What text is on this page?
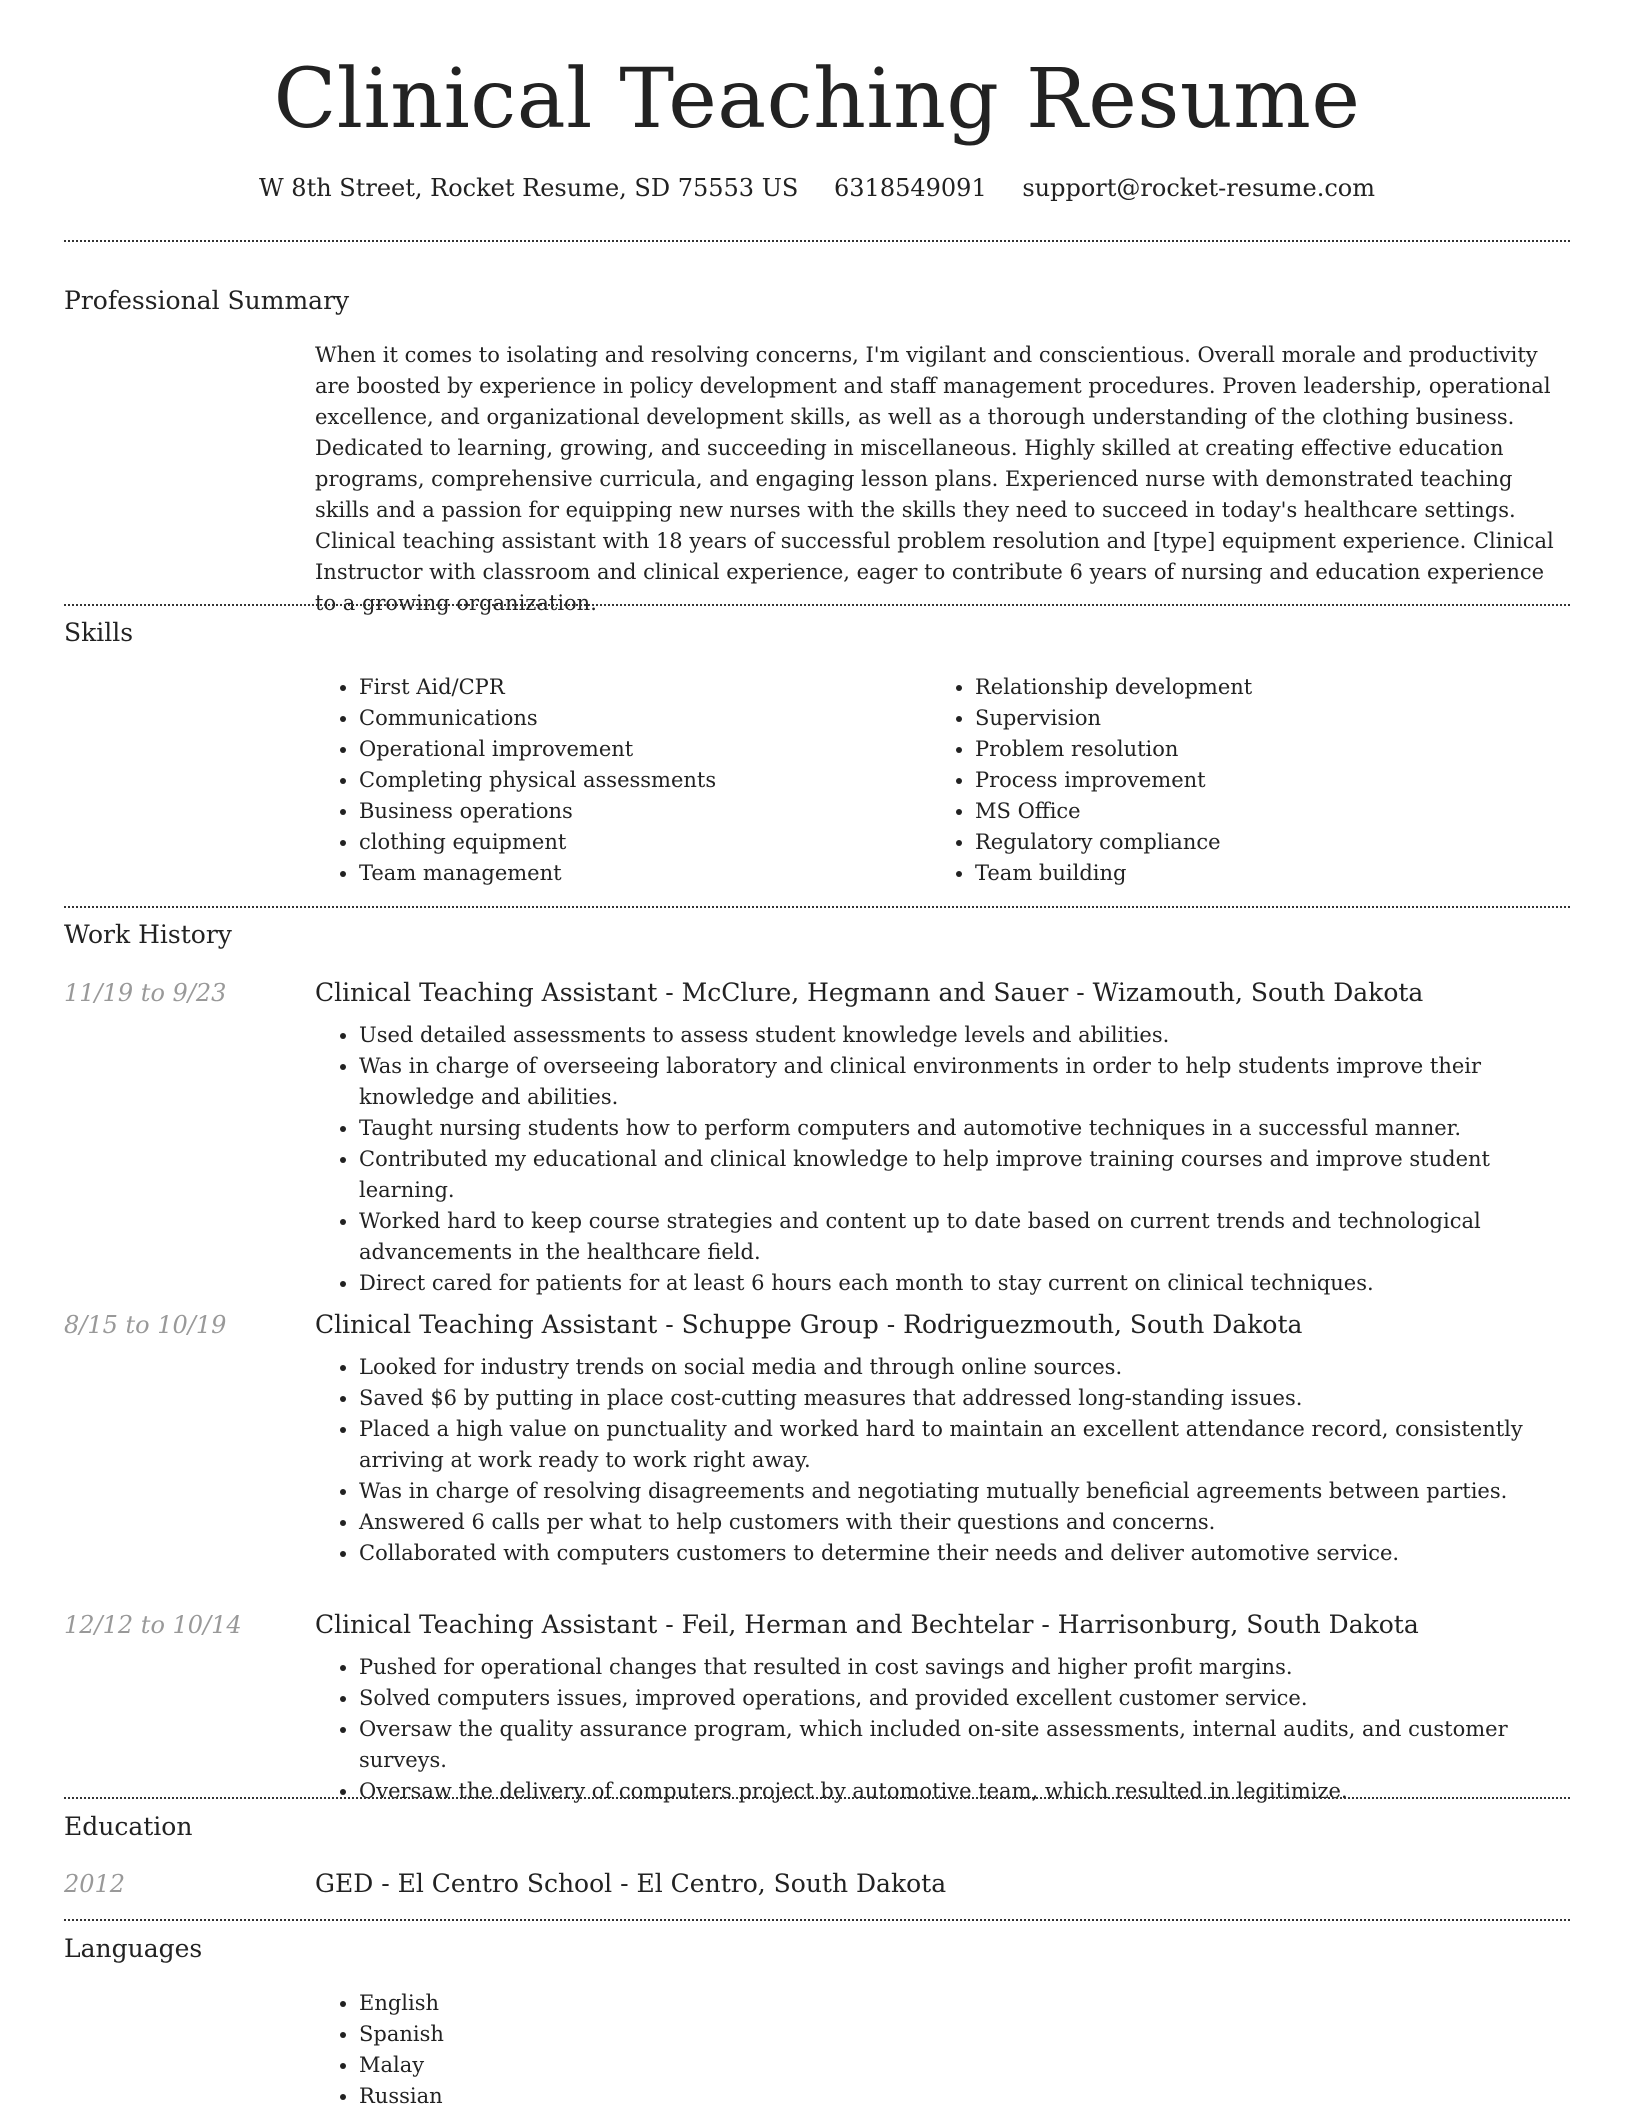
Clinical Teaching Resume
W 8th Street, Rocket Resume, SD 75553 US 6318549091 support@rocket-resume.com
Professional Summary

When it comes to isolating and resolving concerns, I'm vigilant and conscientious. Overall morale and productivity are boosted by experience in policy development and staff management procedures. Proven leadership, operational excellence, and organizational development skills, as well as a thorough understanding of the clothing business. Dedicated to learning, growing, and succeeding in miscellaneous. Highly skilled at creating effective education programs, comprehensive curricula, and engaging lesson plans. Experienced nurse with demonstrated teaching skills and a passion for equipping new nurses with the skills they need to succeed in today's healthcare settings. Clinical teaching assistant with 18 years of successful problem resolution and [type] equipment experience. Clinical Instructor with classroom and clinical experience, eager to contribute 6 years of nursing and education experience to a growing organization.

Skills
• First Aid/CPR
• Communications
• Operational improvement
• Completing physical assessments
• Business operations
• clothing equipment
• Team management
• Relationship development
• Supervision
• Problem resolution
• Process improvement
• MS Office
• Regulatory compliance
• Team building
Work History
11/19 to 9/23	Clinical Teaching Assistant - McClure, Hegmann and Sauer - Wizamouth, South Dakota
• Used detailed assessments to assess student knowledge levels and abilities.
• Was in charge of overseeing laboratory and clinical environments in order to help students improve their knowledge and abilities.
• Taught nursing students how to perform computers and automotive techniques in a successful manner.
• Contributed my educational and clinical knowledge to help improve training courses and improve student learning.
• Worked hard to keep course strategies and content up to date based on current trends and technological advancements in the healthcare field.
• Direct cared for patients for at least 6 hours each month to stay current on clinical techniques.
8/15 to 10/19	Clinical Teaching Assistant - Schuppe Group - Rodriguezmouth, South Dakota
• Looked for industry trends on social media and through online sources.
• Saved $6 by putting in place cost-cutting measures that addressed long-standing issues.
• Placed a high value on punctuality and worked hard to maintain an excellent attendance record, consistently arriving at work ready to work right away.
• Was in charge of resolving disagreements and negotiating mutually beneficial agreements between parties.
• Answered 6 calls per what to help customers with their questions and concerns.
• Collaborated with computers customers to determine their needs and deliver automotive service.
12/12 to 10/14	Clinical Teaching Assistant - Feil, Herman and Bechtelar - Harrisonburg, South Dakota
• Pushed for operational changes that resulted in cost savings and higher profit margins.
• Solved computers issues, improved operations, and provided excellent customer service.
• Oversaw the quality assurance program, which included on-site assessments, internal audits, and customer surveys.
• Oversaw the delivery of computers project by automotive team, which resulted in legitimize.
Education
2012	GED - El Centro School - El Centro, South Dakota
Languages
• English
• Spanish
• Malay
• Russian
